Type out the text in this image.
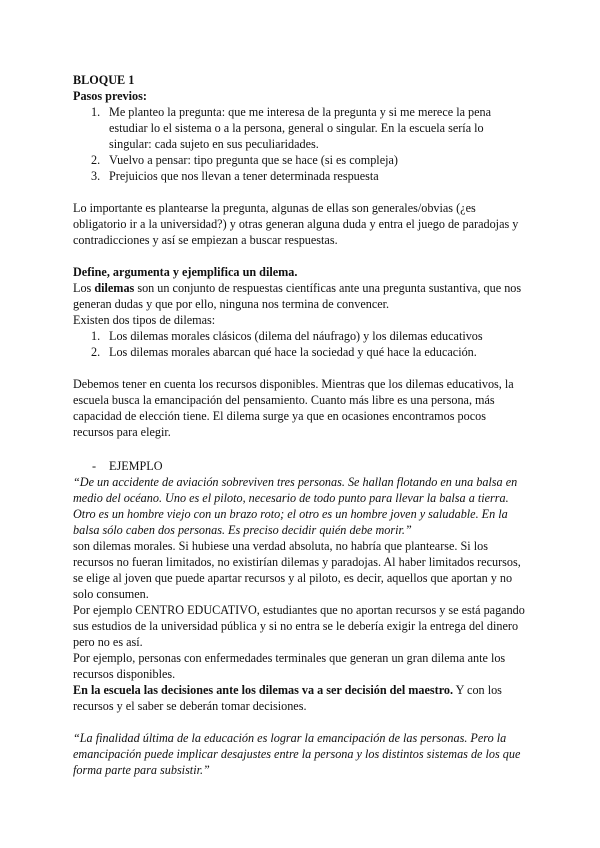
BLOQUE 1

Pasos previos:

1. Me planteo la pregunta: que me interesa de la pregunta y si me merece la pena estudiar lo el sistema o a la persona, general o singular. En la escuela sería lo singular: cada sujeto en sus peculiaridades.
2. Vuelvo a pensar: tipo pregunta que se hace (si es compleja)
3. Prejuicios que nos llevan a tener determinada respuesta

Lo importante es plantearse la pregunta, algunas de ellas son generales/obvias (¿es obligatorio ir a la universidad?) y otras generan alguna duda y entra el juego de paradojas y contradicciones y así se empiezan a buscar respuestas.

Define, argumenta y ejemplifica un dilema.

Los dilemas son un conjunto de respuestas científicas ante una pregunta sustantiva, que nos generan dudas y que por ello, ninguna nos termina de convencer.

Existen dos tipos de dilemas:

1. Los dilemas morales clásicos (dilema del náufrago) y los dilemas educativos
2. Los dilemas morales abarcan qué hace la sociedad y qué hace la educación.

Debemos tener en cuenta los recursos disponibles. Mientras que los dilemas educativos, la escuela busca la emancipación del pensamiento. Cuanto más libre es una persona, más capacidad de elección tiene. El dilema surge ya que en ocasiones encontramos pocos recursos para elegir.

- EJEMPLO

“De un accidente de aviación sobreviven tres personas. Se hallan flotando en una balsa en medio del océano. Uno es el piloto, necesario de todo punto para llevar la balsa a tierra. Otro es un hombre viejo con un brazo roto; el otro es un hombre joven y saludable. En la balsa sólo caben dos personas. Es preciso decidir quién debe morir.”

son dilemas morales. Si hubiese una verdad absoluta, no habría que plantearse. Si los recursos no fueran limitados, no existirían dilemas y paradojas. Al haber limitados recursos, se elige al joven que puede apartar recursos y al piloto, es decir, aquellos que aportan y no solo consumen.

Por ejemplo CENTRO EDUCATIVO, estudiantes que no aportan recursos y se está pagando sus estudios de la universidad pública y si no entra se le debería exigir la entrega del dinero pero no es así.

Por ejemplo, personas con enfermedades terminales que generan un gran dilema ante los recursos disponibles.

En la escuela las decisiones ante los dilemas va a ser decisión del maestro. Y con los recursos y el saber se deberán tomar decisiones.

“La finalidad última de la educación es lograr la emancipación de las personas. Pero la emancipación puede implicar desajustes entre la persona y los distintos sistemas de los que forma parte para subsistir.”
